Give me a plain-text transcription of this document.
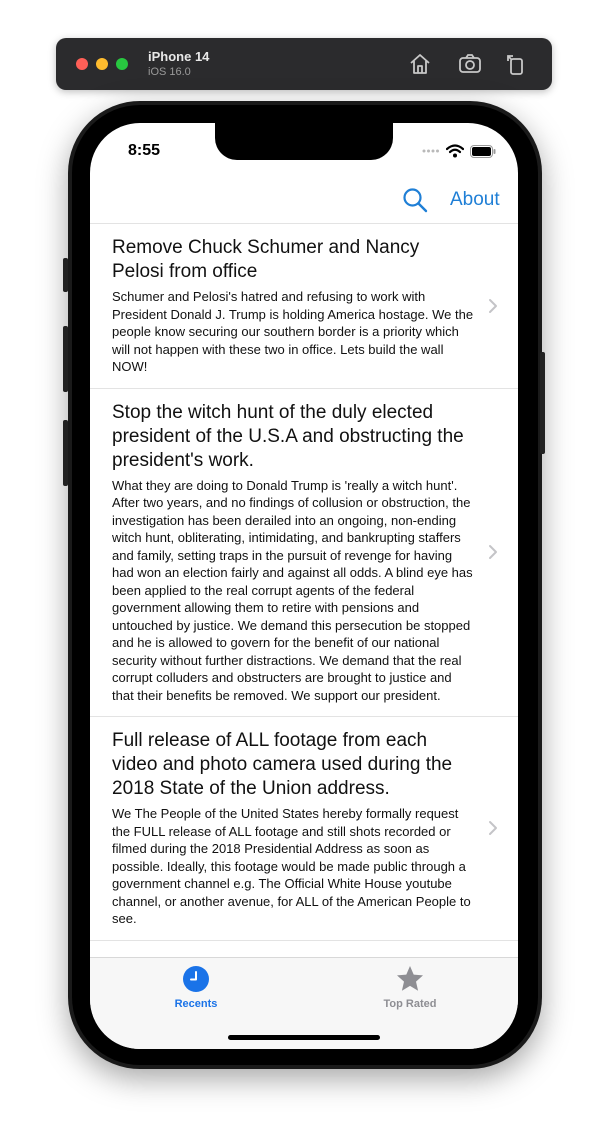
iPhone 14
iOS 16.0
8:55
About
Remove Chuck Schumer and Nancy Pelosi from office
Schumer and Pelosi's hatred and refusing to work with President Donald J. Trump is holding America hostage. We the people know securing our southern border is a priority which will not happen with these two in office. Lets build the wall NOW!
Stop the witch hunt of the duly elected president of the U.S.A and obstructing the president's work.
What they are doing to Donald Trump is 'really a witch hunt'. After two years, and no findings of collusion or obstruction, the investigation has been derailed into an ongoing, non-ending witch hunt, obliterating, intimidating, and bankrupting staffers and family, setting traps in the pursuit of revenge for having had won an election fairly and against all odds. A blind eye has been applied to the real corrupt agents of the federal government allowing them to retire with pensions and untouched by justice. We demand this persecution be stopped and he is allowed to govern for the benefit of our national security without further distractions. We demand that the real corrupt colluders and obstructers are brought to justice and that their benefits be removed. We support our president.
Full release of ALL footage from each video and photo camera used during the 2018 State of the Union address.
We The People of the United States hereby formally request the FULL release of ALL footage and still shots recorded or filmed during the 2018 Presidential Address as soon as possible. Ideally, this footage would be made public through a government channel e.g. The Official White House youtube channel, or another avenue, for ALL of the American People to see.
Recents	Top Rated
